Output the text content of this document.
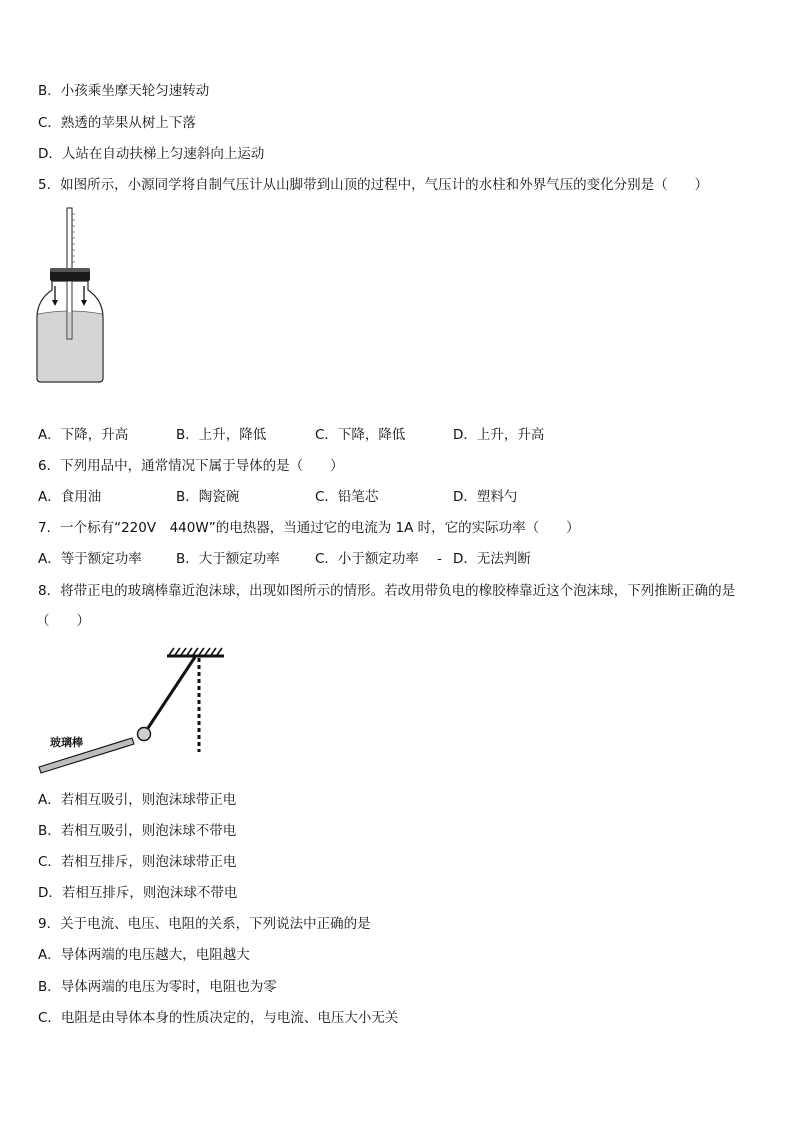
B．小孩乘坐摩天轮匀速转动
C．熟透的苹果从树上下落
D．人站在自动扶梯上匀速斜向上运动
5．如图所示，小源同学将自制气压计从山脚带到山顶的过程中，气压计的水柱和外界气压的变化分别是（　　）
A．下降，升高	B．上升，降低	C．下降，降低	D．上升，升高
6．下列用品中，通常情况下属于导体的是（　　）
A．食用油	B．陶瓷碗	C．铅笔芯	D．塑料勺
7．一个标有“220V　440W”的电热器，当通过它的电流为 1A 时，它的实际功率（　　）
A．等于额定功率	B．大于额定功率	C．小于额定功率 - D．无法判断
8．将带正电的玻璃棒靠近泡沫球，出现如图所示的情形。若改用带负电的橡胶棒靠近这个泡沫球，下列推断正确的是
（　　）
玻璃棒
A．若相互吸引，则泡沫球带正电
B．若相互吸引，则泡沫球不带电
C．若相互排斥，则泡沫球带正电
D．若相互排斥，则泡沫球不带电
9．关于电流、电压、电阻的关系，下列说法中正确的是
A．导体两端的电压越大，电阻越大
B．导体两端的电压为零时，电阻也为零
C．电阻是由导体本身的性质决定的，与电流、电压大小无关
